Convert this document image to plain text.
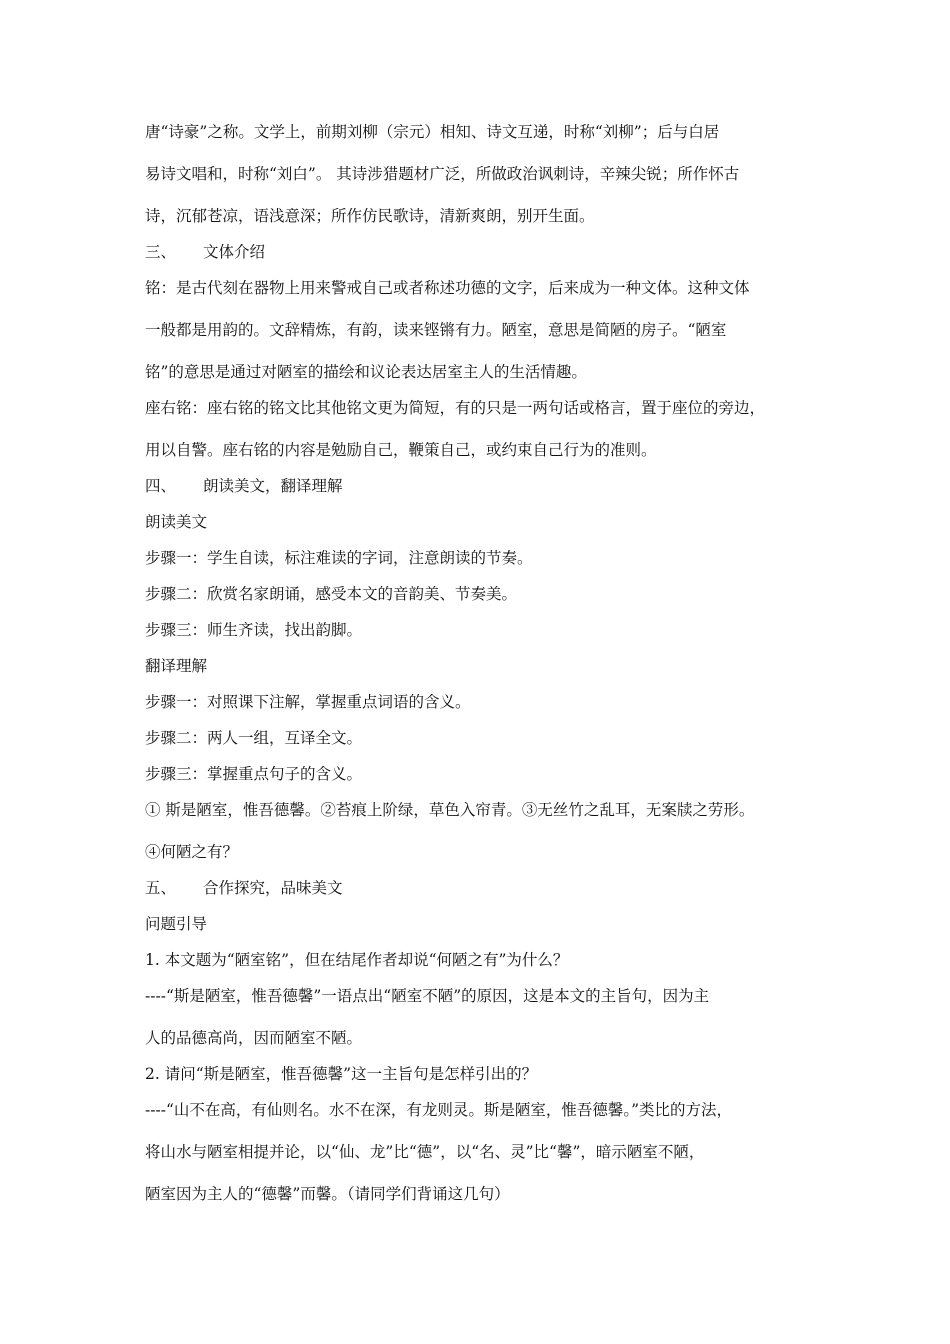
唐“诗豪”之称。文学上，前期刘柳（宗元）相知、诗文互递，时称“刘柳”；后与白居

易诗文唱和，时称“刘白”。 其诗涉猎题材广泛，所做政治讽刺诗，辛辣尖锐；所作怀古

诗，沉郁苍凉，语浅意深；所作仿民歌诗，清新爽朗，别开生面。

三、 文体介绍

铭：是古代刻在器物上用来警戒自己或者称述功德的文字，后来成为一种文体。这种文体

一般都是用韵的。文辞精炼，有韵，读来铿锵有力。陋室，意思是简陋的房子。“陋室

铭”的意思是通过对陋室的描绘和议论表达居室主人的生活情趣。

座右铭：座右铭的铭文比其他铭文更为简短，有的只是一两句话或格言，置于座位的旁边，

用以自警。座右铭的内容是勉励自己，鞭策自己，或约束自己行为的准则。

四、 朗读美文，翻译理解

朗读美文

步骤一：学生自读，标注难读的字词，注意朗读的节奏。

步骤二：欣赏名家朗诵，感受本文的音韵美、节奏美。

步骤三：师生齐读，找出韵脚。

翻译理解

步骤一：对照课下注解，掌握重点词语的含义。

步骤二：两人一组，互译全文。

步骤三：掌握重点句子的含义。

① 斯是陋室，惟吾德馨。②苔痕上阶绿，草色入帘青。③无丝竹之乱耳，无案牍之劳形。

④何陋之有？

五、 合作探究，品味美文

问题引导

1. 本文题为“陋室铭”，但在结尾作者却说“何陋之有”为什么？

----“斯是陋室，惟吾德馨”一语点出“陋室不陋”的原因，这是本文的主旨句，因为主

人的品德高尚，因而陋室不陋。

2. 请问“斯是陋室，惟吾德馨”这一主旨句是怎样引出的？

----“山不在高，有仙则名。水不在深，有龙则灵。斯是陋室，惟吾德馨。”类比的方法，

将山水与陋室相提并论，以“仙、龙”比“德”，以“名、灵”比“馨”，暗示陋室不陋，

陋室因为主人的“德馨”而馨。（请同学们背诵这几句）
